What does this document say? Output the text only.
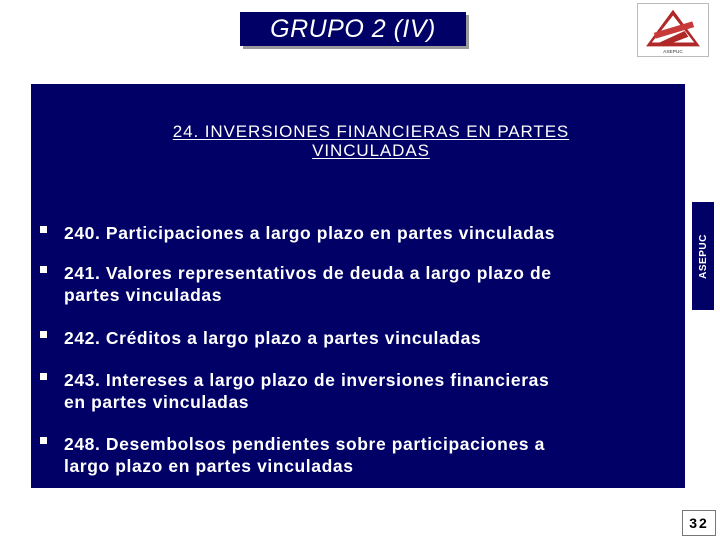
GRUPO 2 (IV)
ASEPUC
24. INVERSIONES FINANCIERAS EN PARTES
VINCULADAS
240. Participaciones a largo plazo en partes vinculadas
241. Valores representativos de deuda a largo plazo de
partes vinculadas
242. Créditos a largo plazo a partes vinculadas
243. Intereses a largo plazo de inversiones financieras
en partes vinculadas
248. Desembolsos pendientes sobre participaciones a
largo plazo en partes vinculadas
ASEPUC
32
